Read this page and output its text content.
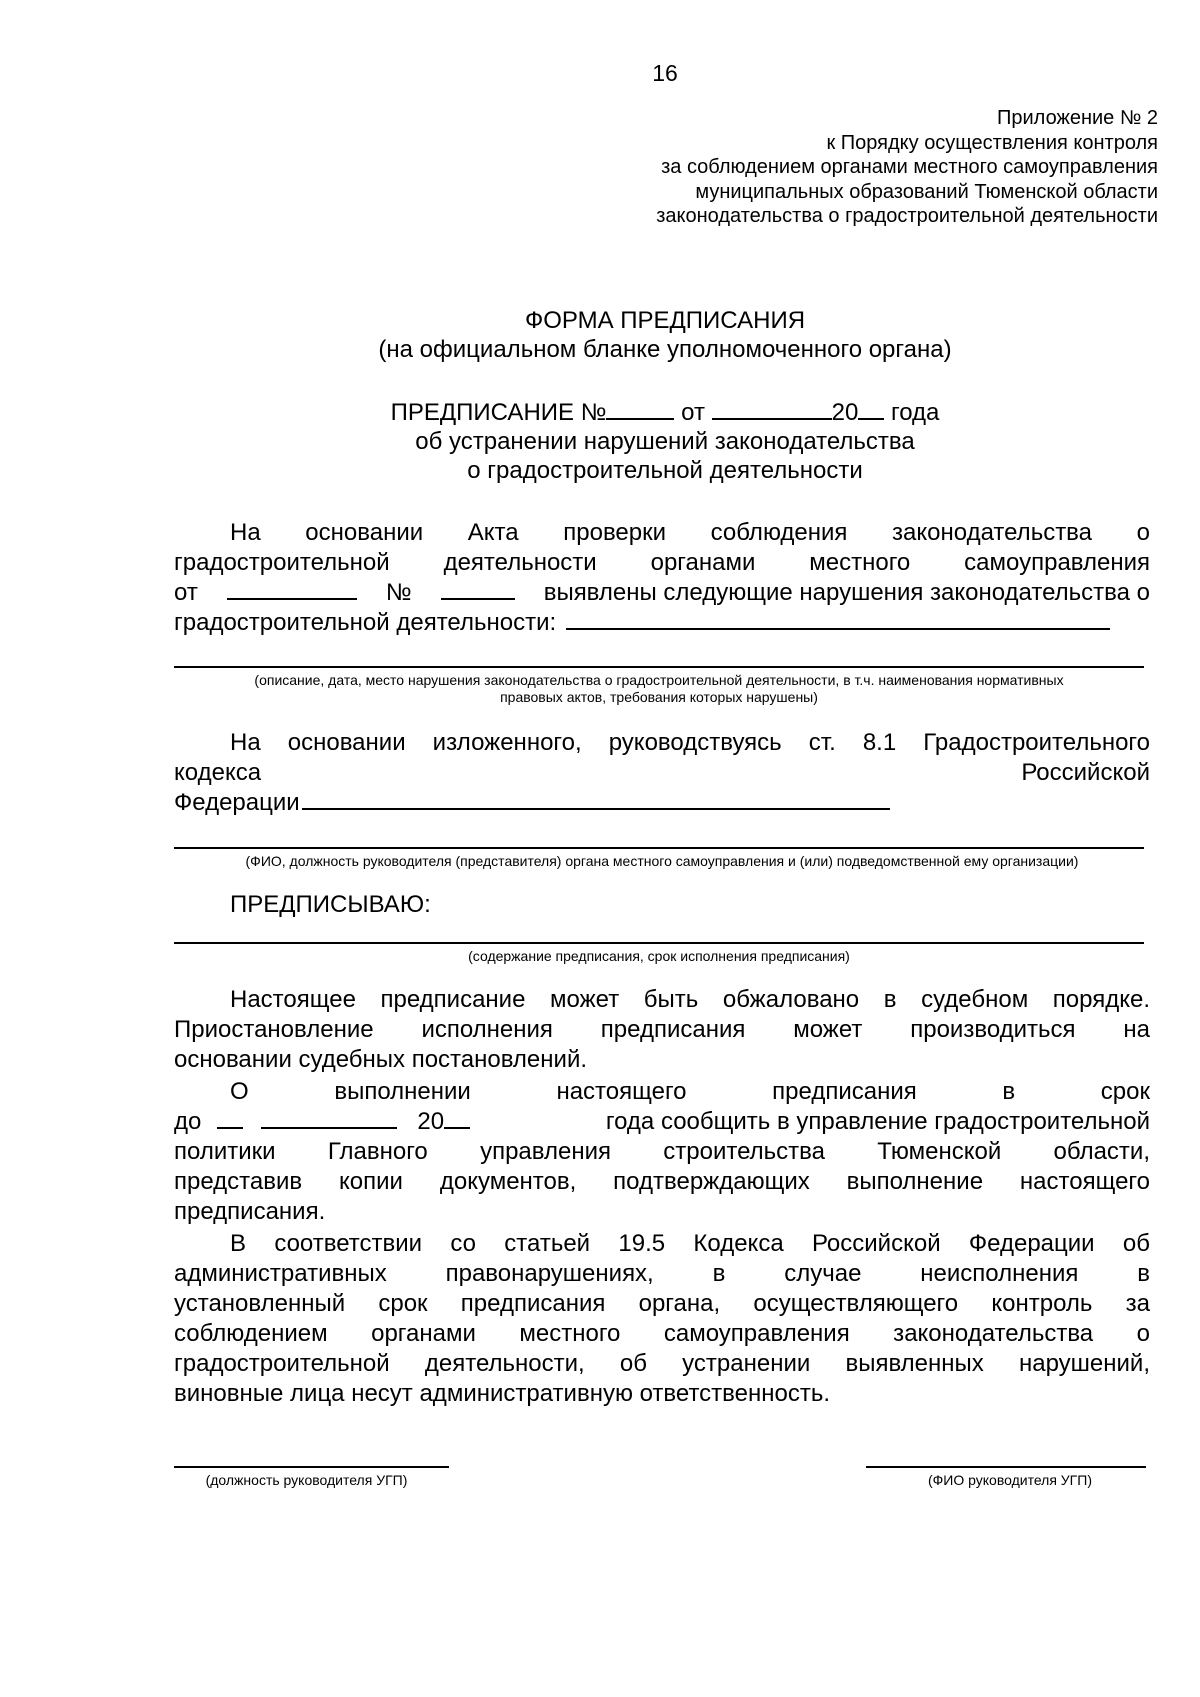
16
Приложение № 2
к Порядку осуществления контроля
за соблюдением органами местного самоуправления
муниципальных образований Тюменской области
законодательства о градостроительной деятельности
ФОРМА ПРЕДПИСАНИЯ
(на официальном бланке уполномоченного органа)
ПРЕДПИСАНИЕ №	от	20 года
об устранении нарушений законодательства
о градостроительной деятельности
На основании Акта проверки соблюдения законодательства о
градостроительной деятельности органами местного самоуправления
от	№	выявлены следующие нарушения законодательства о
градостроительной деятельности:
(описание, дата, место нарушения законодательства о градостроительной деятельности, в т.ч. наименования нормативных
правовых актов, требования которых нарушены)
На основании изложенного, руководствуясь ст. 8.1 Градостроительного
кодекса Российской
Федерации
(ФИО, должность руководителя (представителя) органа местного самоуправления и (или) подведомственной ему организации)
ПРЕДПИСЫВАЮ:
(содержание предписания, срок исполнения предписания)
Настоящее предписание может быть обжаловано в судебном порядке.
Приостановление исполнения предписания может производиться на
основании судебных постановлений.
О выполнении настоящего предписания в срок
до	20	года сообщить в управление градостроительной
политики Главного управления строительства Тюменской области,
представив копии документов, подтверждающих выполнение настоящего
предписания.
В соответствии со статьей 19.5 Кодекса Российской Федерации об
административных правонарушениях, в случае неисполнения в
установленный срок предписания органа, осуществляющего контроль за
соблюдением органами местного самоуправления законодательства о
градостроительной деятельности, об устранении выявленных нарушений,
виновные лица несут административную ответственность.
(должность руководителя УГП)	(ФИО руководителя УГП)
